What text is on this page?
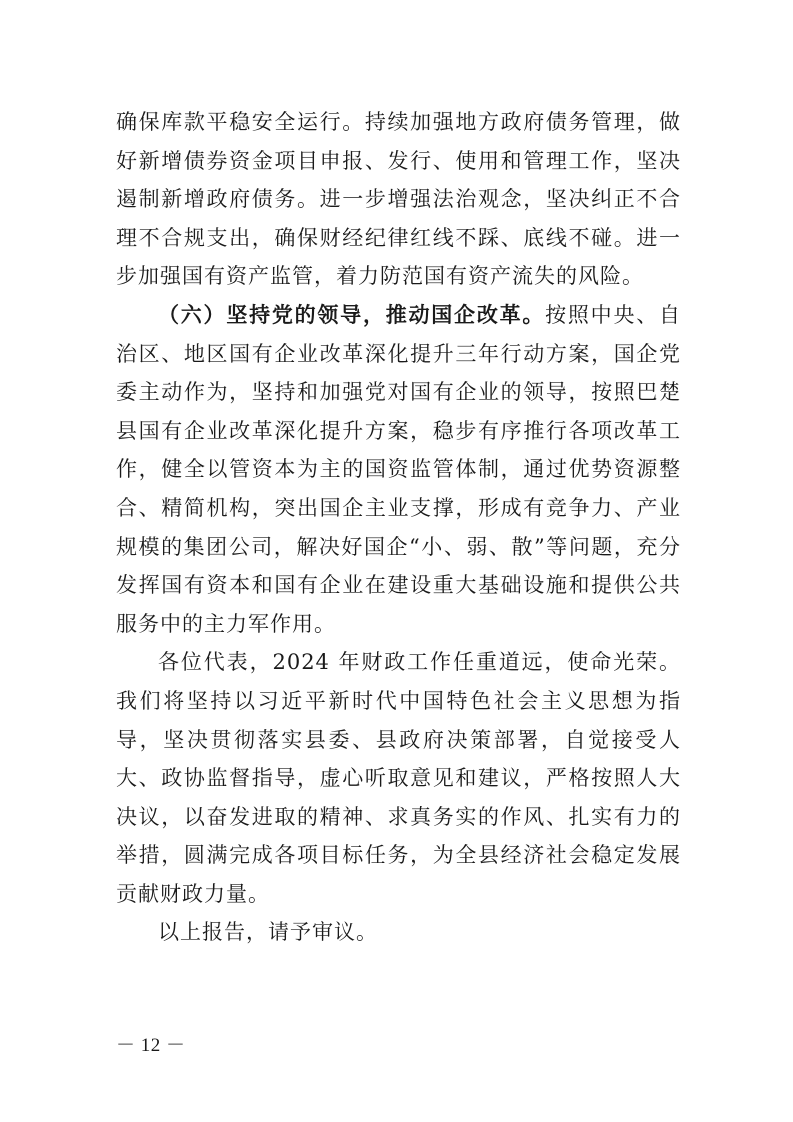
确保库款平稳安全运行。持续加强地方政府债务管理，做好新增债券资金项目申报、发行、使用和管理工作，坚决遏制新增政府债务。进一步增强法治观念，坚决纠正不合理不合规支出，确保财经纪律红线不踩、底线不碰。进一步加强国有资产监管，着力防范国有资产流失的风险。

（六）坚持党的领导，推动国企改革。按照中央、自治区、地区国有企业改革深化提升三年行动方案，国企党委主动作为，坚持和加强党对国有企业的领导，按照巴楚县国有企业改革深化提升方案，稳步有序推行各项改革工作，健全以管资本为主的国资监管体制，通过优势资源整合、精简机构，突出国企主业支撑，形成有竞争力、产业规模的集团公司，解决好国企“小、弱、散”等问题，充分发挥国有资本和国有企业在建设重大基础设施和提供公共服务中的主力军作用。

各位代表，2024 年财政工作任重道远，使命光荣。我们将坚持以习近平新时代中国特色社会主义思想为指导，坚决贯彻落实县委、县政府决策部署，自觉接受人大、政协监督指导，虚心听取意见和建议，严格按照人大决议，以奋发进取的精神、求真务实的作风、扎实有力的举措，圆满完成各项目标任务，为全县经济社会稳定发展贡献财政力量。

以上报告，请予审议。

－ 12 －
